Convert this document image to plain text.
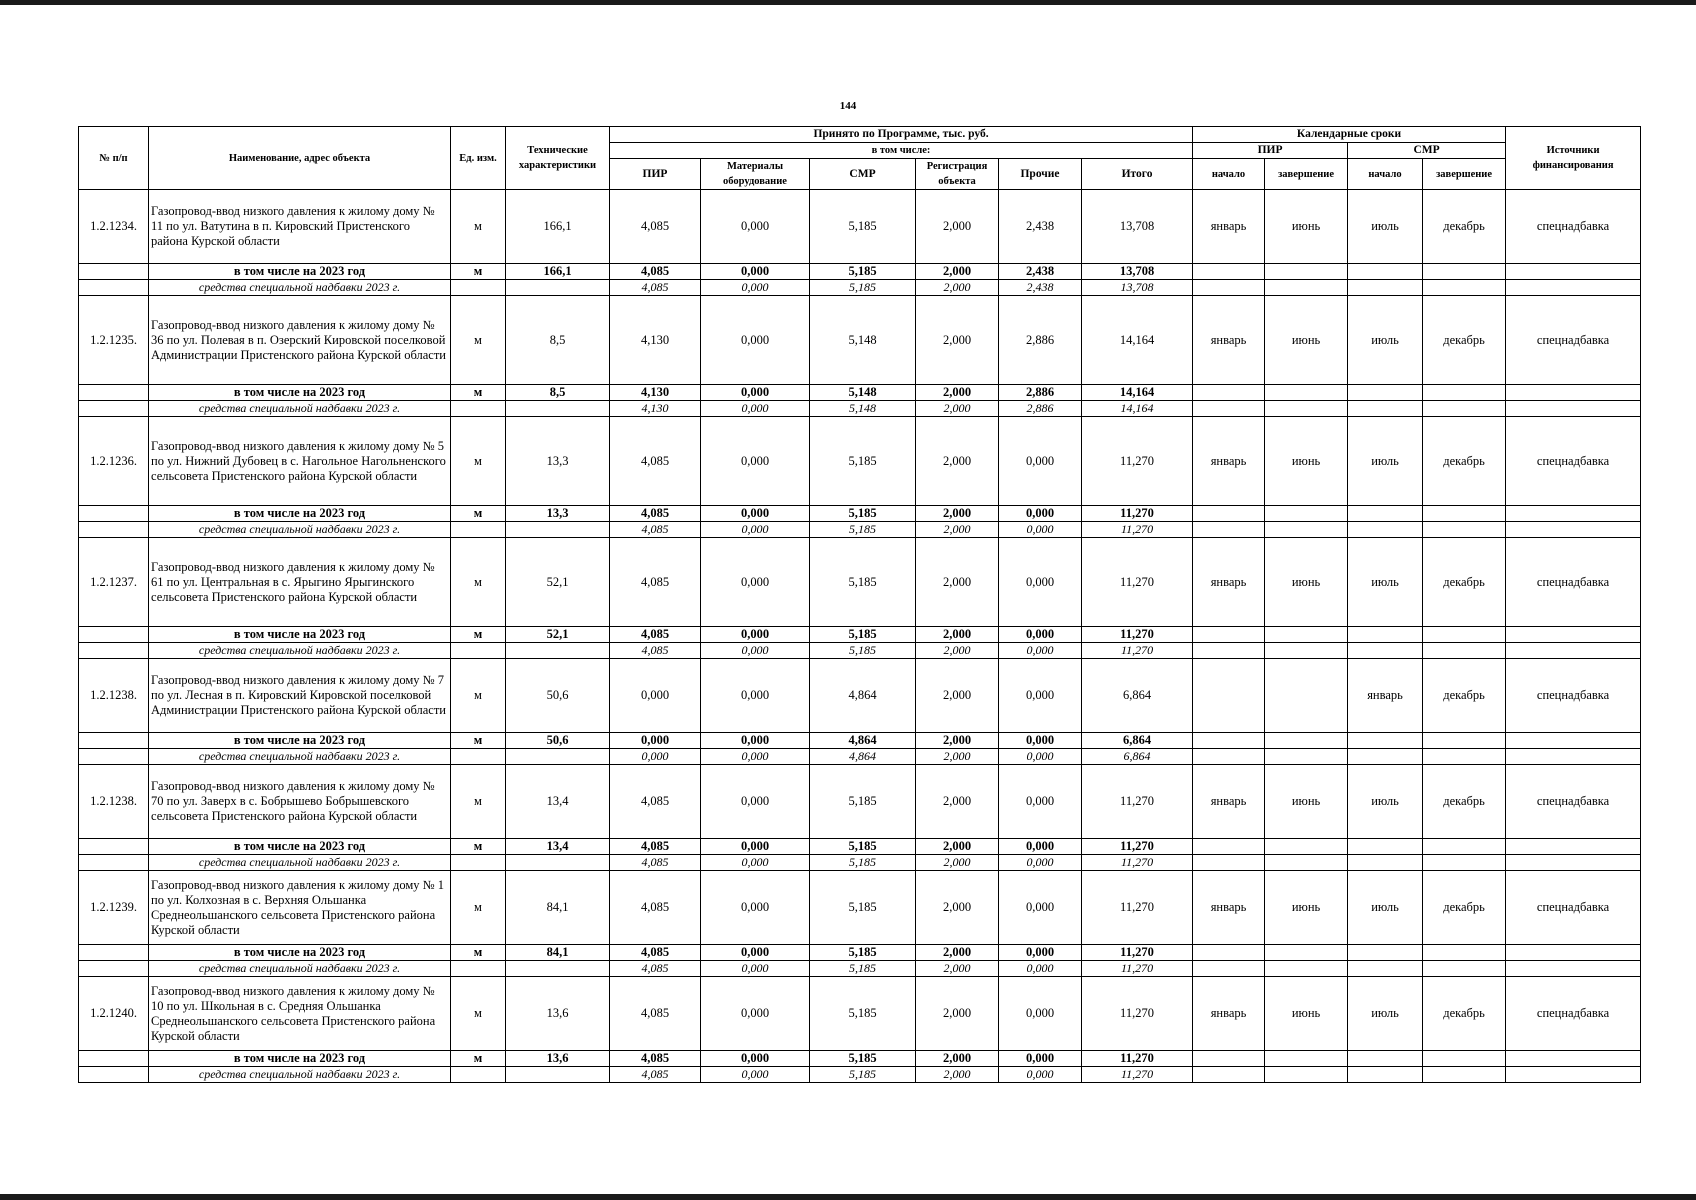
144
№ п/п	Наименование, адрес объекта	Ед. изм.	Технические характеристики	Принято по Программе, тыс. руб.						Календарные сроки				Источники финансирования
				в том числе:						ПИР		СМР		
				ПИР	Материалы оборудование	СМР	Регистрация объекта	Прочие	Итого	начало	завершение	начало	завершение	
1.2.1234.	Газопровод-ввод низкого давления к жилому дому № 11 по ул. Ватутина в п. Кировский Пристенского района Курской области	м	166,1	4,085	0,000	5,185	2,000	2,438	13,708	январь	июнь	июль	декабрь	спецнадбавка
	в том числе на 2023 год	м	166,1	4,085	0,000	5,185	2,000	2,438	13,708					
	средства специальной надбавки 2023 г.			4,085	0,000	5,185	2,000	2,438	13,708					
1.2.1235.	Газопровод-ввод низкого давления к жилому дому № 36 по ул. Полевая в п. Озерский Кировской поселковой Администрации Пристенского района Курской области	м	8,5	4,130	0,000	5,148	2,000	2,886	14,164	январь	июнь	июль	декабрь	спецнадбавка
	в том числе на 2023 год	м	8,5	4,130	0,000	5,148	2,000	2,886	14,164					
	средства специальной надбавки 2023 г.			4,130	0,000	5,148	2,000	2,886	14,164					
1.2.1236.	Газопровод-ввод низкого давления к жилому дому № 5 по ул. Нижний Дубовец в с. Нагольное Нагольненского сельсовета Пристенского района Курской области	м	13,3	4,085	0,000	5,185	2,000	0,000	11,270	январь	июнь	июль	декабрь	спецнадбавка
	в том числе на 2023 год	м	13,3	4,085	0,000	5,185	2,000	0,000	11,270					
	средства специальной надбавки 2023 г.			4,085	0,000	5,185	2,000	0,000	11,270					
1.2.1237.	Газопровод-ввод низкого давления к жилому дому № 61 по ул. Центральная в с. Ярыгино Ярыгинского сельсовета Пристенского района Курской области	м	52,1	4,085	0,000	5,185	2,000	0,000	11,270	январь	июнь	июль	декабрь	спецнадбавка
	в том числе на 2023 год	м	52,1	4,085	0,000	5,185	2,000	0,000	11,270					
	средства специальной надбавки 2023 г.			4,085	0,000	5,185	2,000	0,000	11,270					
1.2.1238.	Газопровод-ввод низкого давления к жилому дому № 7 по ул. Лесная в п. Кировский Кировской поселковой Администрации Пристенского района Курской области	м	50,6	0,000	0,000	4,864	2,000	0,000	6,864			январь	декабрь	спецнадбавка
	в том числе на 2023 год	м	50,6	0,000	0,000	4,864	2,000	0,000	6,864					
	средства специальной надбавки 2023 г.			0,000	0,000	4,864	2,000	0,000	6,864					
1.2.1238.	Газопровод-ввод низкого давления к жилому дому № 70 по ул. Заверх в с. Бобрышево Бобрышевского сельсовета Пристенского района Курской области	м	13,4	4,085	0,000	5,185	2,000	0,000	11,270	январь	июнь	июль	декабрь	спецнадбавка
	в том числе на 2023 год	м	13,4	4,085	0,000	5,185	2,000	0,000	11,270					
	средства специальной надбавки 2023 г.			4,085	0,000	5,185	2,000	0,000	11,270					
1.2.1239.	Газопровод-ввод низкого давления к жилому дому № 1 по ул. Колхозная в с. Верхняя Ольшанка Среднеольшанского сельсовета Пристенского района Курской области	м	84,1	4,085	0,000	5,185	2,000	0,000	11,270	январь	июнь	июль	декабрь	спецнадбавка
	в том числе на 2023 год	м	84,1	4,085	0,000	5,185	2,000	0,000	11,270					
	средства специальной надбавки 2023 г.			4,085	0,000	5,185	2,000	0,000	11,270					
1.2.1240.	Газопровод-ввод низкого давления к жилому дому № 10 по ул. Школьная в с. Средняя Ольшанка Среднеольшанского сельсовета Пристенского района Курской области	м	13,6	4,085	0,000	5,185	2,000	0,000	11,270	январь	июнь	июль	декабрь	спецнадбавка
	в том числе на 2023 год	м	13,6	4,085	0,000	5,185	2,000	0,000	11,270					
	средства специальной надбавки 2023 г.			4,085	0,000	5,185	2,000	0,000	11,270					
